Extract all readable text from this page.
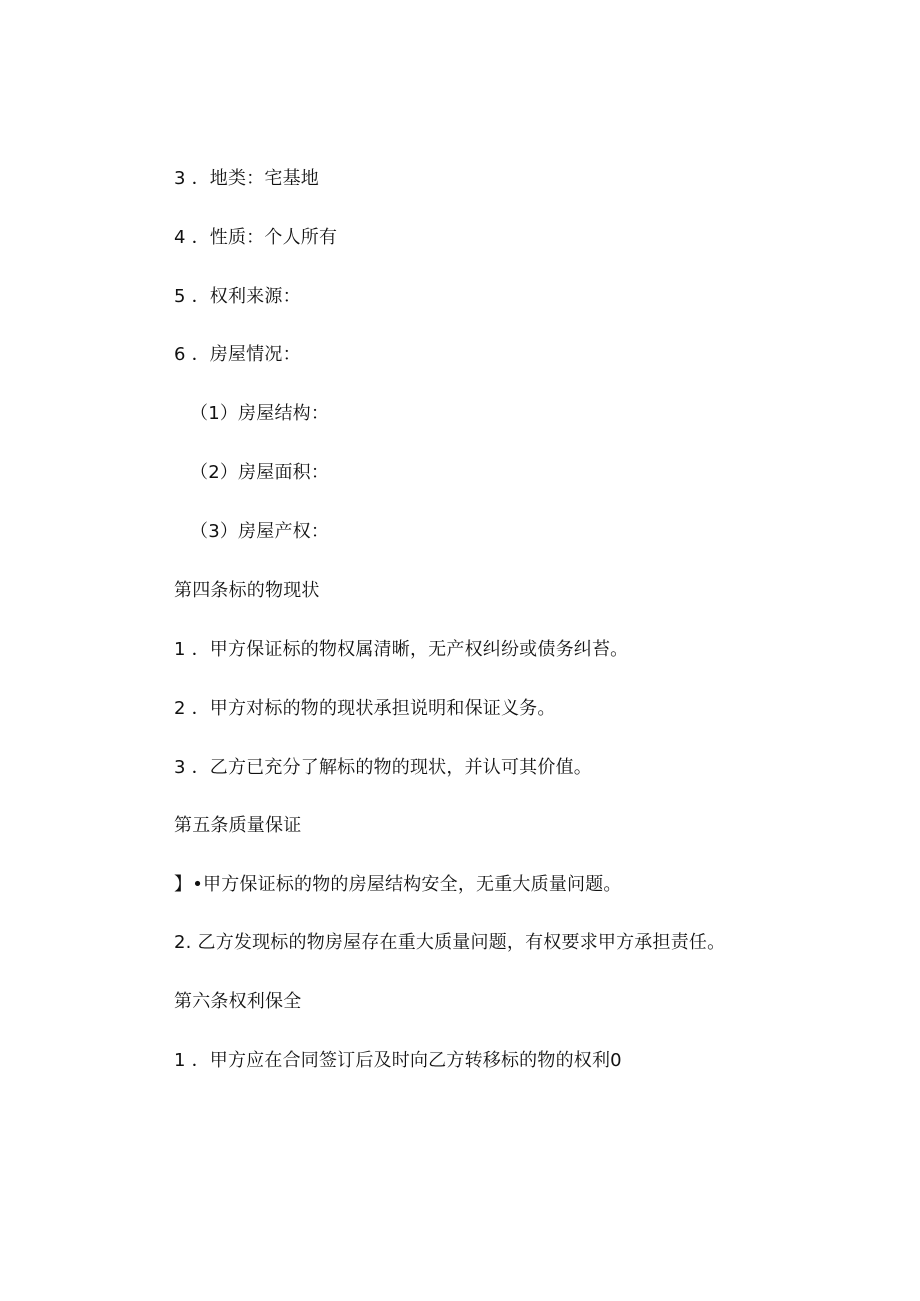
3 ．地类：宅基地
4 ．性质：个人所有
5 ．权利来源：
6 ．房屋情况：
（1）房屋结构：
（2）房屋面积：
（3）房屋产权：
第四条标的物现状
1 ．甲方保证标的物权属清晰，无产权纠纷或债务纠苔。
2 ．甲方对标的物的现状承担说明和保证义务。
3 ．乙方已充分了解标的物的现状，并认可其价值。
第五条质量保证
】•甲方保证标的物的房屋结构安全，无重大质量问题。
2. 乙方发现标的物房屋存在重大质量问题，有权要求甲方承担责任。
第六条权利保全
1 ．甲方应在合同签订后及时向乙方转移标的物的权利0
